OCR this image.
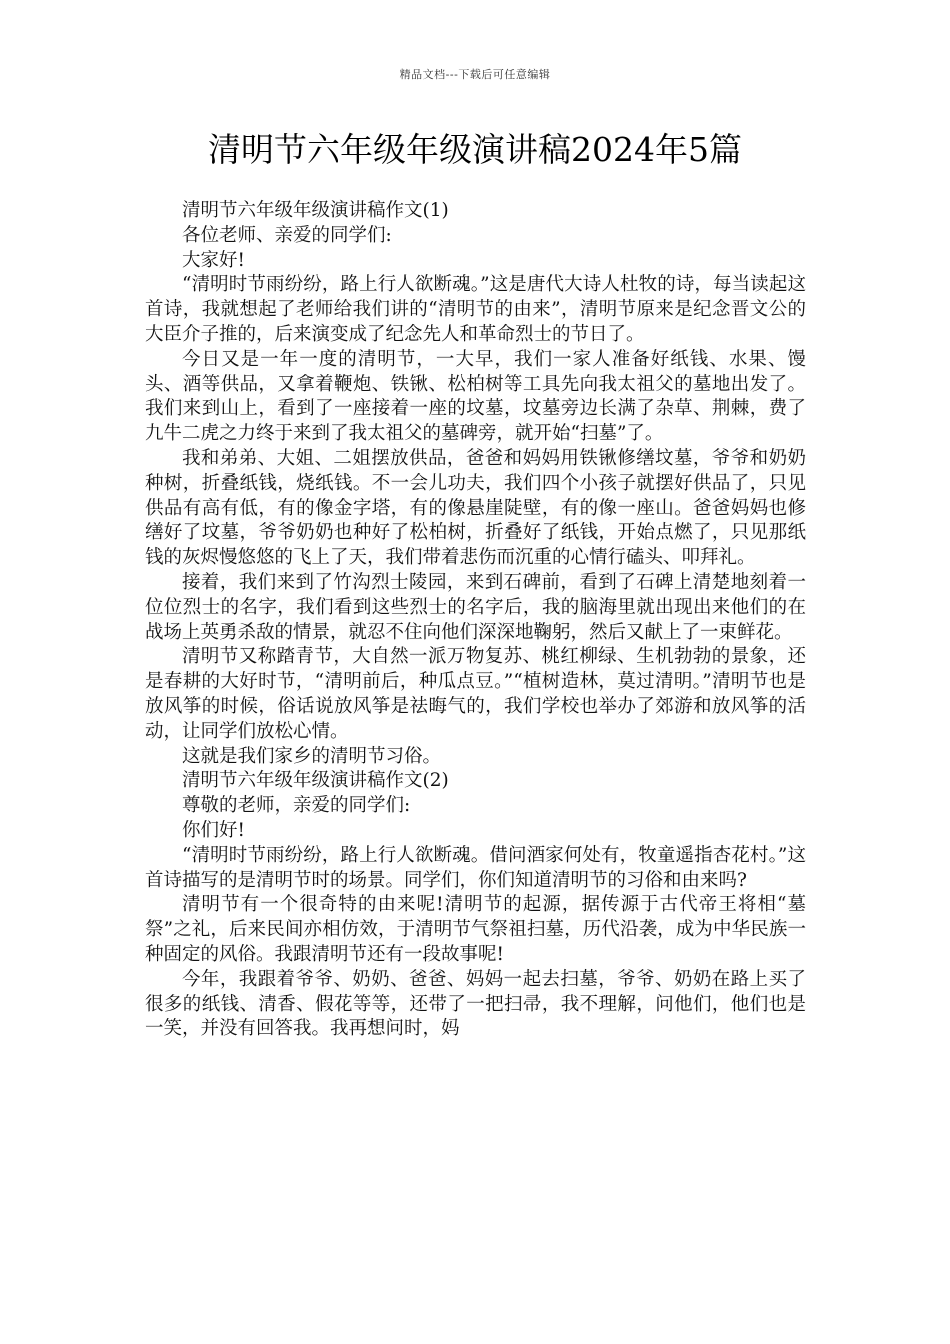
精品文档---下载后可任意编辑
清明节六年级年级演讲稿2024年5篇

清明节六年级年级演讲稿作文(1)

各位老师、亲爱的同学们:

大家好!

“清明时节雨纷纷，路上行人欲断魂。”这是唐代大诗人杜牧的诗，每当读起这首诗，我就想起了老师给我们讲的“清明节的由来”，清明节原来是纪念晋文公的大臣介子推的，后来演变成了纪念先人和革命烈士的节日了。

今日又是一年一度的清明节，一大早，我们一家人准备好纸钱、水果、馒头、酒等供品，又拿着鞭炮、铁锹、松柏树等工具先向我太祖父的墓地出发了。我们来到山上，看到了一座接着一座的坟墓，坟墓旁边长满了杂草、荆棘，费了九牛二虎之力终于来到了我太祖父的墓碑旁，就开始“扫墓”了。

我和弟弟、大姐、二姐摆放供品，爸爸和妈妈用铁锹修缮坟墓，爷爷和奶奶种树，折叠纸钱，烧纸钱。不一会儿功夫，我们四个小孩子就摆好供品了，只见供品有高有低，有的像金字塔，有的像悬崖陡壁，有的像一座山。爸爸妈妈也修缮好了坟墓，爷爷奶奶也种好了松柏树，折叠好了纸钱，开始点燃了，只见那纸钱的灰烬慢悠悠的飞上了天，我们带着悲伤而沉重的心情行磕头、叩拜礼。

接着，我们来到了竹沟烈士陵园，来到石碑前，看到了石碑上清楚地刻着一位位烈士的名字，我们看到这些烈士的名字后，我的脑海里就出现出来他们的在战场上英勇杀敌的情景，就忍不住向他们深深地鞠躬，然后又献上了一束鲜花。

清明节又称踏青节，大自然一派万物复苏、桃红柳绿、生机勃勃的景象，还是春耕的大好时节，“清明前后，种瓜点豆。”“植树造林，莫过清明。”清明节也是放风筝的时候，俗话说放风筝是祛晦气的，我们学校也举办了郊游和放风筝的活动，让同学们放松心情。

这就是我们家乡的清明节习俗。

清明节六年级年级演讲稿作文(2)

尊敬的老师，亲爱的同学们:

你们好!

“清明时节雨纷纷，路上行人欲断魂。借问酒家何处有，牧童遥指杏花村。”这首诗描写的是清明节时的场景。同学们，你们知道清明节的习俗和由来吗?

清明节有一个很奇特的由来呢!清明节的起源，据传源于古代帝王将相“墓祭”之礼，后来民间亦相仿效，于清明节气祭祖扫墓，历代沿袭，成为中华民族一种固定的风俗。我跟清明节还有一段故事呢!

今年，我跟着爷爷、奶奶、爸爸、妈妈一起去扫墓，爷爷、奶奶在路上买了很多的纸钱、清香、假花等等，还带了一把扫帚，我不理解，问他们，他们也是一笑，并没有回答我。我再想问时，妈
